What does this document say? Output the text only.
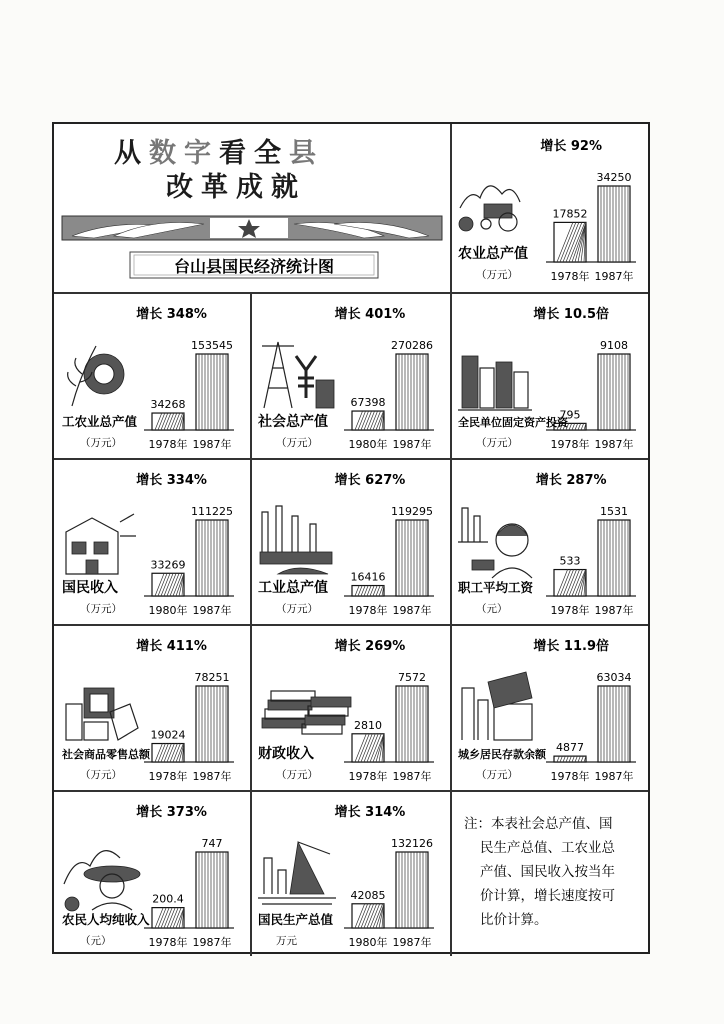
从 数 字 看 全 县
改革成就
台山县国民经济统计图
注：本表社会总产值、国
民生产总值、工农业总
产值、国民收入按当年
价计算，增长速度按可
比价计算。
增长 92%
17852
1978年
34250
1987年
农业总产值
（万元）
增长 348%
34268
1978年
153545
1987年
工农业总产值
（万元）
增长 401%
67398
1980年
270286
1987年
社会总产值
（万元）
增长 10.5倍
795
1978年
9108
1987年
全民单位固定资产投资
（万元）
增长 334%
33269
1980年
111225
1987年
国民收入
（万元）
增长 627%
16416
1978年
119295
1987年
工业总产值
（万元）
增长 287%
533
1978年
1531
1987年
职工平均工资
（元）
增长 411%
19024
1978年
78251
1987年
社会商品零售总额
（万元）
增长 269%
2810
1978年
7572
1987年
财政收入
（万元）
增长 11.9倍
4877
1978年
63034
1987年
城乡居民存款余额
（万元）
增长 373%
200.4
1978年
747
1987年
农民人均纯收入
（元）
增长 314%
42085
1980年
132126
1987年
国民生产总值
万元
